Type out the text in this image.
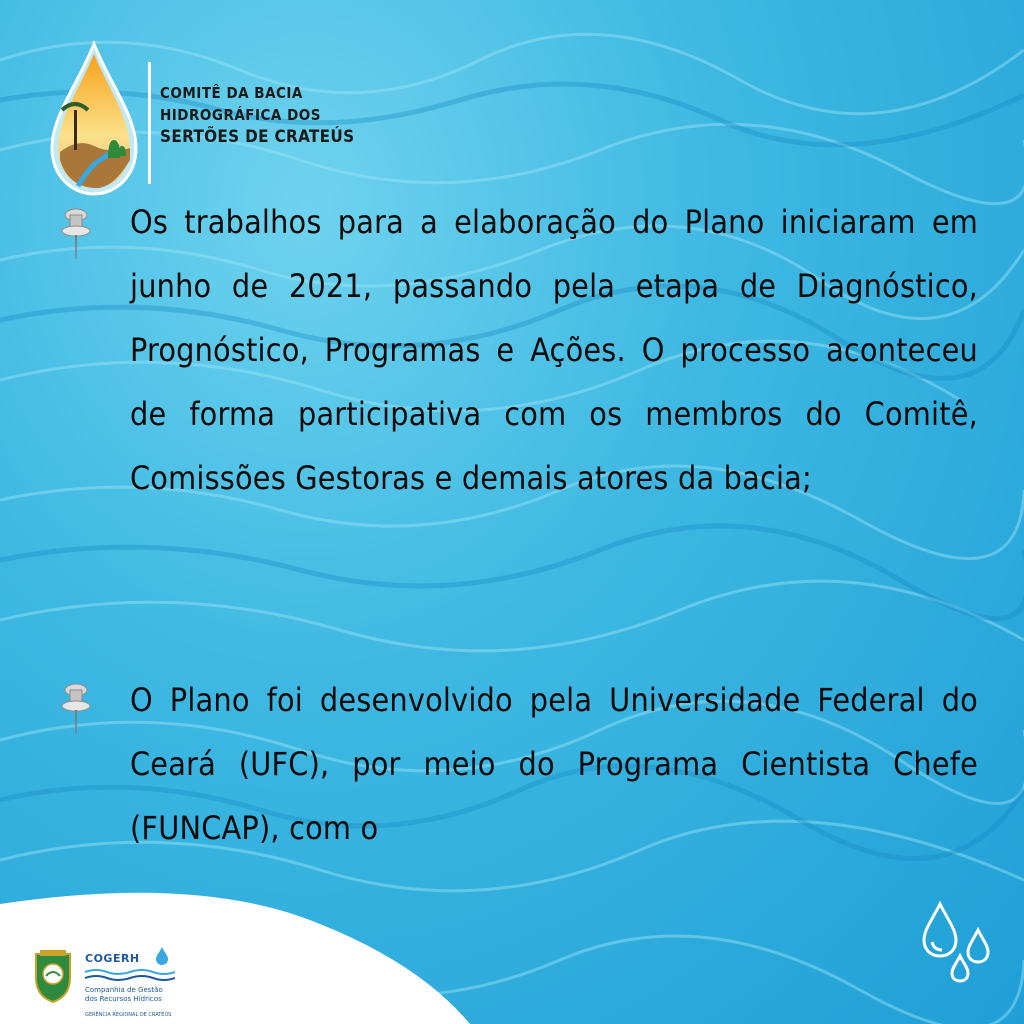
COMITÊ DA BACIA
HIDROGRÁFICA DOS
SERTÕES DE CRATEÚS
Os trabalhos para a elaboração do Plano iniciaram em junho de 2021, passando pela etapa de Diagnóstico, Prognóstico, Programas e Ações. O processo aconteceu de forma participativa com os membros do Comitê, Comissões Gestoras e demais atores da bacia;
O Plano foi desenvolvido pela Universidade Federal do Ceará (UFC), por meio do Programa Cientista Chefe (FUNCAP), com o
COGERH
Companhia de Gestão
dos Recursos Hídricos
GERÊNCIA REGIONAL DE CRATEÚS
